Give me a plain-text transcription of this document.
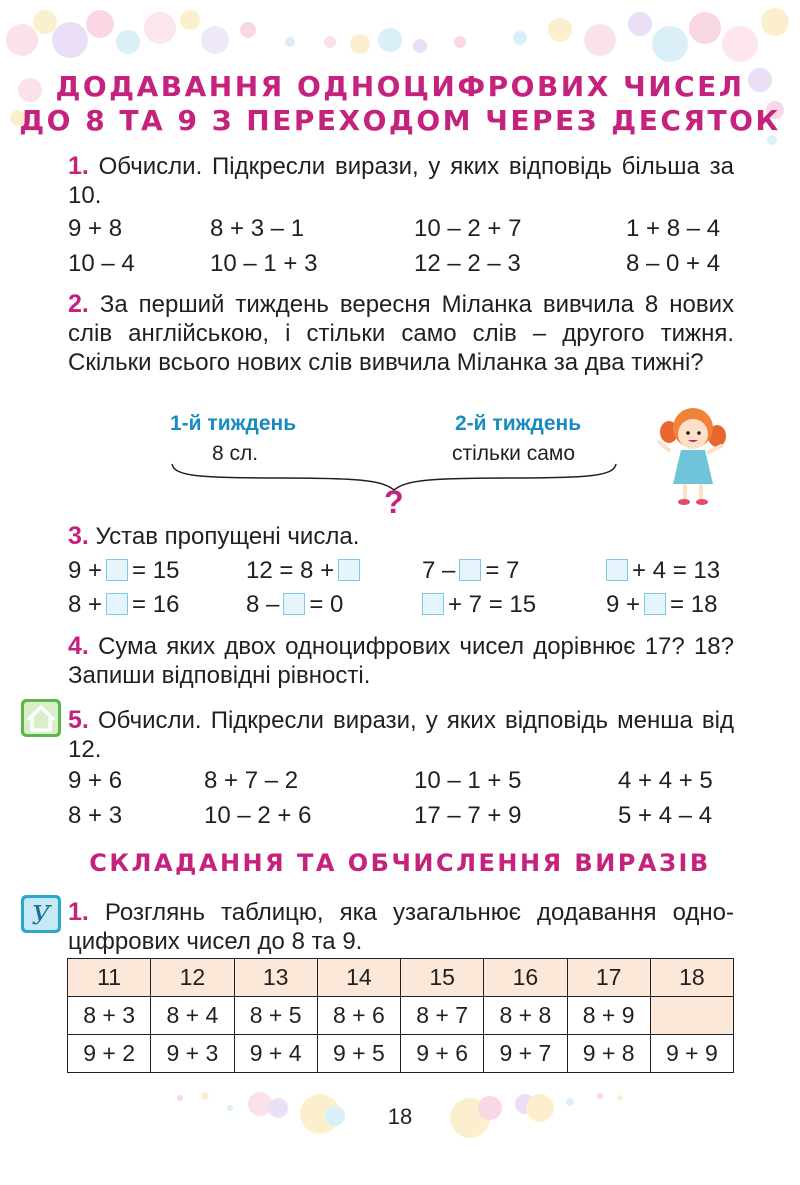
ДОДАВАННЯ ОДНОЦИФРОВИХ ЧИСЕЛ
ДО 8 ТА 9 З ПЕРЕХОДОМ ЧЕРЕЗ ДЕСЯТОК
1. Обчисли. Підкресли вирази, у яких відповідь більша за 10.
9 + 8	8 + 3 – 1	10 – 2 + 7	1 + 8 – 4
10 – 4	10 – 1 + 3	12 – 2 – 3	8 – 0 + 4
2. За перший тиждень вересня Міланка вивчила 8 нових слів англійською, і стільки само слів – другого тижня. Скільки всього нових слів вивчила Міланка за два тижні?
1-й тиждень
8 сл.
2-й тиждень
стільки само
?
3. Устав пропущені числа.
9 + = 15	12 = 8 +	7 – = 7	+ 4 = 13
8 + = 16	8 – = 0	+ 7 = 15	9 + = 18
4. Сума яких двох одноцифрових чисел дорівнює 17? 18? Запиши відповідні рівності.
5. Обчисли. Підкресли вирази, у яких відповідь менша від 12.
9 + 6	8 + 7 – 2	10 – 1 + 5	4 + 4 + 5
8 + 3	10 – 2 + 6	17 – 7 + 9	5 + 4 – 4
СКЛАДАННЯ ТА ОБЧИСЛЕННЯ ВИРАЗІВ
У 1. Розглянь таблицю, яка узагальнює додавання одноцифрових чисел до 8 та 9.
11	12	13	14	15	16	17	18
8 + 3	8 + 4	8 + 5	8 + 6	8 + 7	8 + 8	8 + 9	
9 + 2	9 + 3	9 + 4	9 + 5	9 + 6	9 + 7	9 + 8	9 + 9
18
